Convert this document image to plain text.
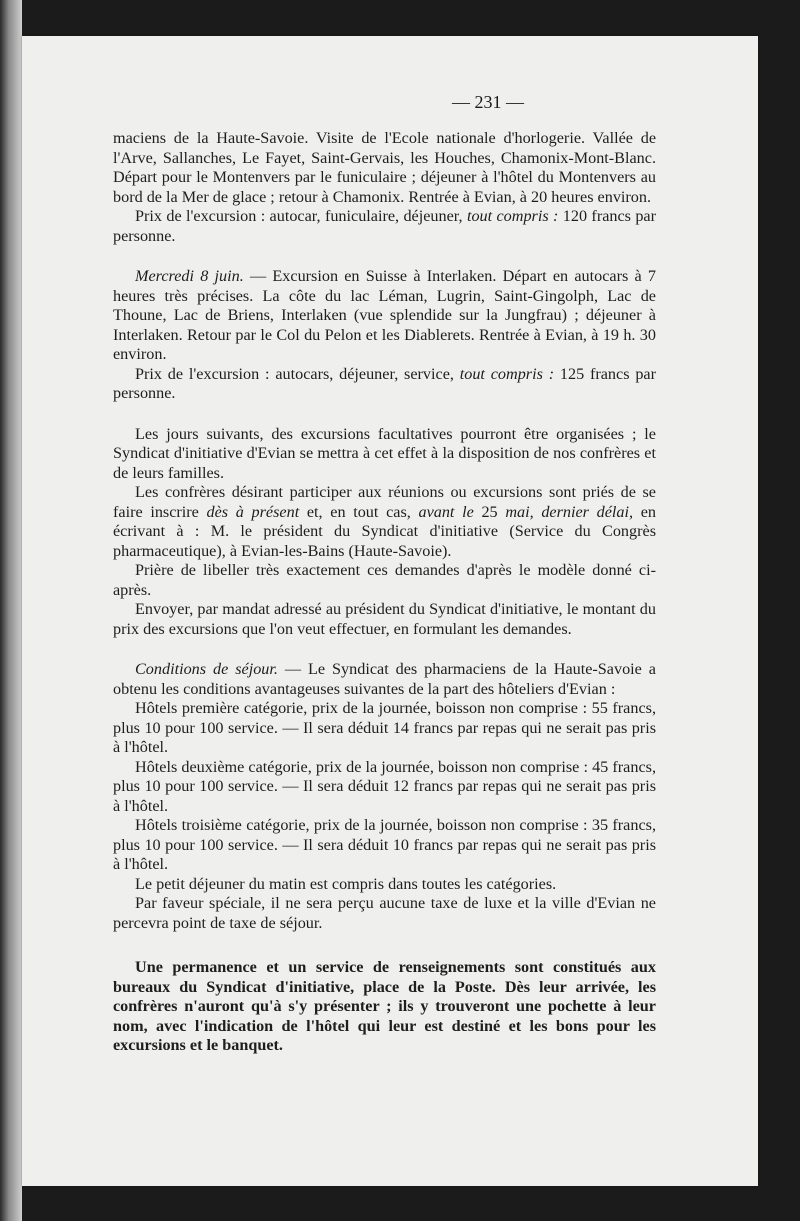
— 231 —

maciens de la Haute-Savoie. Visite de l'Ecole nationale d'horlogerie. Vallée de l'Arve, Sallanches, Le Fayet, Saint-Gervais, les Houches, Chamonix-Mont-Blanc. Départ pour le Montenvers par le funiculaire ; déjeuner à l'hôtel du Montenvers au bord de la Mer de glace ; retour à Chamonix. Rentrée à Evian, à 20 heures environ.

Prix de l'excursion : autocar, funiculaire, déjeuner, tout compris : 120 francs par personne.

Mercredi 8 juin. — Excursion en Suisse à Interlaken. Départ en autocars à 7 heures très précises. La côte du lac Léman, Lugrin, Saint-Gingolph, Lac de Thoune, Lac de Briens, Interlaken (vue splendide sur la Jungfrau) ; déjeuner à Interlaken. Retour par le Col du Pelon et les Diablerets. Rentrée à Evian, à 19 h. 30 environ.

Prix de l'excursion : autocars, déjeuner, service, tout compris : 125 francs par personne.

Les jours suivants, des excursions facultatives pourront être organisées ; le Syndicat d'initiative d'Evian se mettra à cet effet à la disposition de nos confrères et de leurs familles.

Les confrères désirant participer aux réunions ou excursions sont priés de se faire inscrire dès à présent et, en tout cas, avant le 25 mai, dernier délai, en écrivant à : M. le président du Syndicat d'initiative (Service du Congrès pharmaceutique), à Evian-les-Bains (Haute-Savoie).

Prière de libeller très exactement ces demandes d'après le modèle donné ci-après.

Envoyer, par mandat adressé au président du Syndicat d'initiative, le montant du prix des excursions que l'on veut effectuer, en formulant les demandes.

Conditions de séjour. — Le Syndicat des pharmaciens de la Haute-Savoie a obtenu les conditions avantageuses suivantes de la part des hôteliers d'Evian :

Hôtels première catégorie, prix de la journée, boisson non comprise : 55 francs, plus 10 pour 100 service. — Il sera déduit 14 francs par repas qui ne serait pas pris à l'hôtel.

Hôtels deuxième catégorie, prix de la journée, boisson non comprise : 45 francs, plus 10 pour 100 service. — Il sera déduit 12 francs par repas qui ne serait pas pris à l'hôtel.

Hôtels troisième catégorie, prix de la journée, boisson non comprise : 35 francs, plus 10 pour 100 service. — Il sera déduit 10 francs par repas qui ne serait pas pris à l'hôtel.

Le petit déjeuner du matin est compris dans toutes les catégories.

Par faveur spéciale, il ne sera perçu aucune taxe de luxe et la ville d'Evian ne percevra point de taxe de séjour.

Une permanence et un service de renseignements sont constitués aux bureaux du Syndicat d'initiative, place de la Poste. Dès leur arrivée, les confrères n'auront qu'à s'y présenter ; ils y trouveront une pochette à leur nom, avec l'indication de l'hôtel qui leur est destiné et les bons pour les excursions et le banquet.
